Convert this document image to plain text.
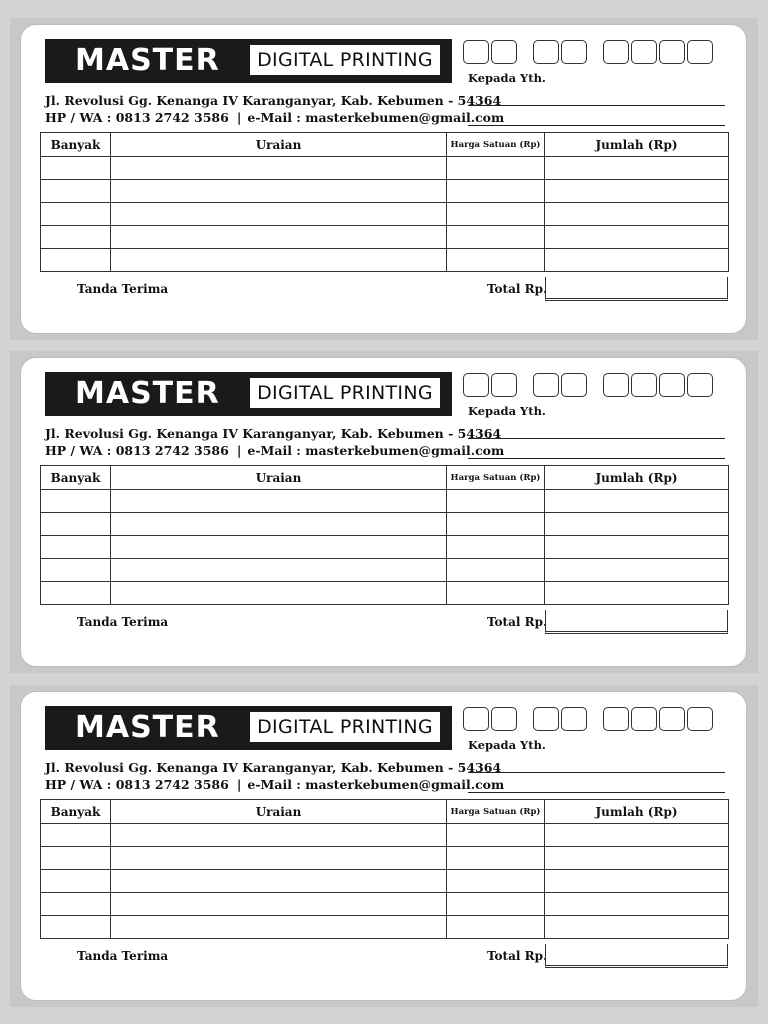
MASTER	DIGITAL PRINTING
Kepada Yth.
Jl. Revolusi Gg. Kenanga IV Karanganyar, Kab. Kebumen - 54364
HP / WA : 0813 2742 3586 | e-Mail : masterkebumen@gmail.com
Banyak	Uraian	Harga Satuan (Rp)	Jumlah (Rp)

Tanda Terima	Total Rp.
MASTER	DIGITAL PRINTING
Kepada Yth.
Jl. Revolusi Gg. Kenanga IV Karanganyar, Kab. Kebumen - 54364
HP / WA : 0813 2742 3586 | e-Mail : masterkebumen@gmail.com
Banyak	Uraian	Harga Satuan (Rp)	Jumlah (Rp)

Tanda Terima	Total Rp.
MASTER	DIGITAL PRINTING
Kepada Yth.
Jl. Revolusi Gg. Kenanga IV Karanganyar, Kab. Kebumen - 54364
HP / WA : 0813 2742 3586 | e-Mail : masterkebumen@gmail.com
Banyak	Uraian	Harga Satuan (Rp)	Jumlah (Rp)

Tanda Terima	Total Rp.
